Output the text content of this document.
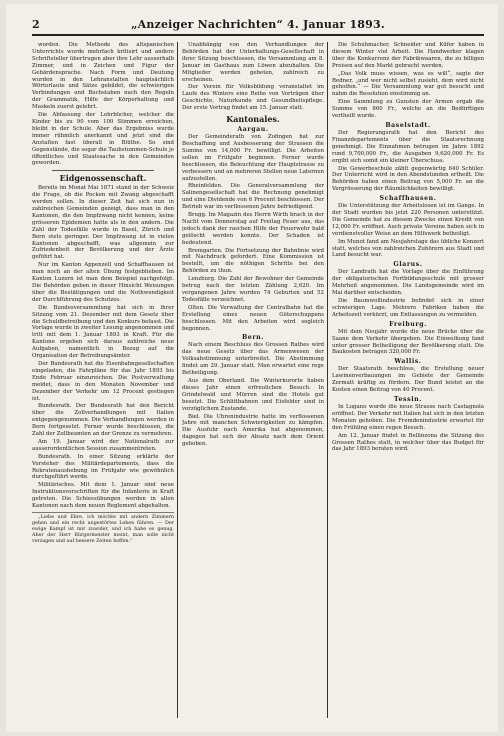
2	„Anzeiger Nachrichten“ 4. Januar 1893.

worden. Die Methode des altspanischen Unterrichts wurde mehrfach kritisirt und andere Schriftsteller übertrugen aber ihre Lehr ausserhalb Zimmer, und in Zeichen und Figur der Gebärdensprache. Nach Form und Deutung wurden in den Lehranstalten hauptsächlich Wörterlaute und Sätze gebildet, die schwierigen Verbindungen und Buchstaben nach den Regeln der Grammatik, Hilfe der Körperhaltung und Muskeln zuerst gelehrt.

Die Abfassung der Lehrbücher, welcher die Kinder bis zu 90 vom 100 Stimmen erreichen, bleibt in der Schule. Aber das Ergebniss wurde immer rühmlich anerkannt und jetzt sind die Anstalten fast überall in Blüthe. So sind Gegenstände, die sogar die Taubstummen-Schule je öffentliches und Staatssache in den Gemeinden geworden.

Eidgenossenschaft.

Bereits im Monat Mai 1871 stand in der Schweiz die Frage, ob die Pocken mit Zwang abgeschafft werden sollen. In dieser Zeit hat sich nun in zahlreichen Gemeinden gezeigt, dass man in den Kantonen, die den Impfzwang nicht kennen, keine grösseren Epidemien hatte als in den andern. Die Zahl der Todesfälle wurde in Basel, Zürich und Bern stets geringer. Der Impfzwang ist in vielen Kantonen abgeschafft, was allgemein zur Zufriedenheit der Bevölkerung und der Ärzte geführt hat.

Nur im Kanton Appenzell und Schaffhausen ist man noch an der alten Übung festgeblieben. Im Kanton Luzern ist man dem Beispiel nachgefolgt. Die Behörden geben in dieser Hinsicht Weisungen über die Bestätigungen und die Nothwendigkeit der Durchführung des Schutzes.

Die Bundesversammlung hat sich in ihrer Sitzung vom 21. Dezember mit dem Gesetz über die Schuldbetreibung und den Konkurs befasst. Die Vorlage wurde in zweiter Lesung angenommen und tritt mit dem 1. Januar 1893 in Kraft. Für die Kantone ergeben sich daraus zahlreiche neue Aufgaben, namentlich in Bezug auf die Organisation der Betreibungsämter.

Der Bundesrath hat die Eisenbahngesellschaften eingeladen, die Fahrpläne für das Jahr 1893 bis Ende Februar einzureichen. Die Postverwaltung meldet, dass in den Monaten November und Dezember der Verkehr um 12 Procent gestiegen ist.

Bundesrath. Der Bundesrath hat den Bericht über die Zollverhandlungen mit Italien entgegengenommen. Die Verhandlungen werden in Bern fortgesetzt. Ferner wurde beschlossen, die Zahl der Zollbeamten an der Grenze zu vermehren.

Am 19. Januar wird der Nationalrath zur ausserordentlichen Session zusammentreten.

Bundesrath. In einer Sitzung erklärte der Vorsteher des Militärdepartements, dass die Rekrutenaushebung im Frühjahr wie gewöhnlich durchgeführt werde.

Militärisches. Mit dem 1. Januar sind neue Instruktionsvorschriften für die Infanterie in Kraft getreten. Die Schiessübungen werden in allen Kantonen nach dem neuen Reglement abgehalten.

„Liebe und Ehre, ich möchte mit andern Zimmern gehen und ein recht ungestörtes Leben führen. — Der ewige Kampf ist mir zuwider, und ich habe es genug. Aber der Herr Bürgermeister meint, man solle nicht verzagen und auf bessere Zeiten hoffen.“

Unabhängig von den Verhandlungen der Behörden hat der Unterhaltungs-Gesellschaft in ihrer Sitzung beschlossen, die Versammlung am 8. Januar im Gasthaus zum Löwen abzuhalten. Die Mitglieder werden gebeten, zahlreich zu erscheinen.

Der Verein für Volksbildung veranstaltet im Laufe des Winters eine Reihe von Vorträgen über Geschichte, Naturkunde und Gesundheitspflege. Der erste Vortrag findet am 15. Januar statt.

Kantonales.
Aargau.

Der Gemeinderath von Zofingen hat zur Beschaffung und Ausbesserung der Strassen die Summe von 14,000 Fr. bewilligt. Die Arbeiten sollen im Frühjahr beginnen. Ferner wurde beschlossen, die Beleuchtung der Hauptstrasse zu verbessern und an mehreren Stellen neue Laternen aufzustellen.

Rheinfelden. Die Generalversammlung der Salinengesellschaft hat die Rechnung genehmigt und eine Dividende von 6 Procent beschlossen. Der Betrieb war im verflossenen Jahre befriedigend.

Brugg. Im Magazin des Herrn Wirth brach in der Nacht vom Donnerstag auf Freitag Feuer aus, das jedoch dank der raschen Hilfe der Feuerwehr bald gelöscht werden konnte. Der Schaden ist bedeutend.

Bremgarten. Die Fortsetzung der Bahnlinie wird mit Nachdruck gefordert. Eine Kommission ist bestellt, um die nöthigen Schritte bei den Behörden zu thun.

Lenzburg. Die Zahl der Bewohner der Gemeinde betrug nach der letzten Zählung 2,620. Im vergangenen Jahre wurden 74 Geburten und 52 Todesfälle verzeichnet.

Olten. Die Verwaltung der Centralbahn hat die Erstellung eines neuen Güterschuppens beschlossen. Mit den Arbeiten wird sogleich begonnen.

Bern.

Nach einem Beschluss des Grossen Rathes wird das neue Gesetz über das Armenwesen der Volksabstimmung unterbreitet. Die Abstimmung findet am 29. Januar statt. Man erwartet eine rege Betheiligung.

Aus dem Oberland. Die Winterkurorte haben dieses Jahr einen erfreulichen Besuch. In Grindelwald und Mürren sind die Hotels gut besetzt. Die Schlittbahnen und Eisfelder sind in vorzüglichem Zustande.

Biel. Die Uhrenindustrie hatte im verflossenen Jahre mit manchen Schwierigkeiten zu kämpfen. Die Ausfuhr nach Amerika hat abgenommen, dagegen hat sich der Absatz nach dem Orient gehoben.

Die Schuhmacher, Schneider und Küfer haben in diesem Winter viel Arbeit. Die Handwerker klagen über die Konkurrenz der Fabrikwaaren, die zu billigen Preisen auf den Markt gebracht werden.

„Das Volk muss wissen, was es will“, sagte der Redner, „und wer nicht selbst zusieht, dem wird nicht geholfen.“ — Die Versammlung war gut besucht und nahm die Resolution einstimmig an.

Eine Sammlung zu Gunsten der Armen ergab die Summe von 860 Fr., welche an die Bedürftigen vertheilt wurde.

Baselstadt.

Der Regierungsrath hat den Bericht des Finanzdepartements über die Staatsrechnung genehmigt. Die Einnahmen betrugen im Jahre 1892 rund 9,700,000 Fr., die Ausgaben 9,620,000 Fr. Es ergibt sich somit ein kleiner Überschuss.

Die Gewerbeschule zählt gegenwärtig 640 Schüler. Der Unterricht wird in den Abendstunden ertheilt. Die Behörden haben einen Beitrag von 5,000 Fr. an die Vergrösserung der Räumlichkeiten bewilligt.

Schaffhausen.

Die Unterstützung der Arbeitslosen ist im Gange. In der Stadt wurden bis jetzt 220 Personen unterstützt. Die Gemeinde hat zu diesem Zwecke einen Kredit von 12,000 Fr. eröffnet. Auch private Vereine haben sich in verdienstvoller Weise an dem Hilfswerk betheiligt.

Im Munot fand am Neujahrstage das übliche Konzert statt, welches von zahlreichen Zuhörern aus Stadt und Land besucht war.

Glarus.

Der Landrath hat die Vorlage über die Einführung der obligatorischen Fortbildungsschule mit grosser Mehrheit angenommen. Die Landsgemeinde wird im Mai darüber entscheiden.

Die Baumwollindustrie befindet sich in einer schwierigen Lage. Mehrere Fabriken haben die Arbeitszeit verkürzt, um Entlassungen zu vermeiden.

Freiburg.

Mit dem Neujahr wurde die neue Brücke über die Saane dem Verkehr übergeben. Die Einweihung fand unter grosser Betheiligung der Bevölkerung statt. Die Baukosten betragen 320,000 Fr.

Wallis.

Der Staatsrath beschloss, die Erstellung neuer Lawinenverbauungen im Gebiete der Gemeinde Zermatt kräftig zu fördern. Der Bund leistet an die Kosten einen Beitrag von 40 Procent.

Tessin.

In Lugano wurde die neue Strasse nach Castagnola eröffnet. Der Verkehr mit Italien hat sich in den letzten Monaten gehoben. Die Fremdenindustrie erwartet für den Frühling einen regen Besuch.

Am 12. Januar findet in Bellinzona die Sitzung des Grossen Rathes statt, in welcher über das Budget für das Jahr 1893 beraten wird.
